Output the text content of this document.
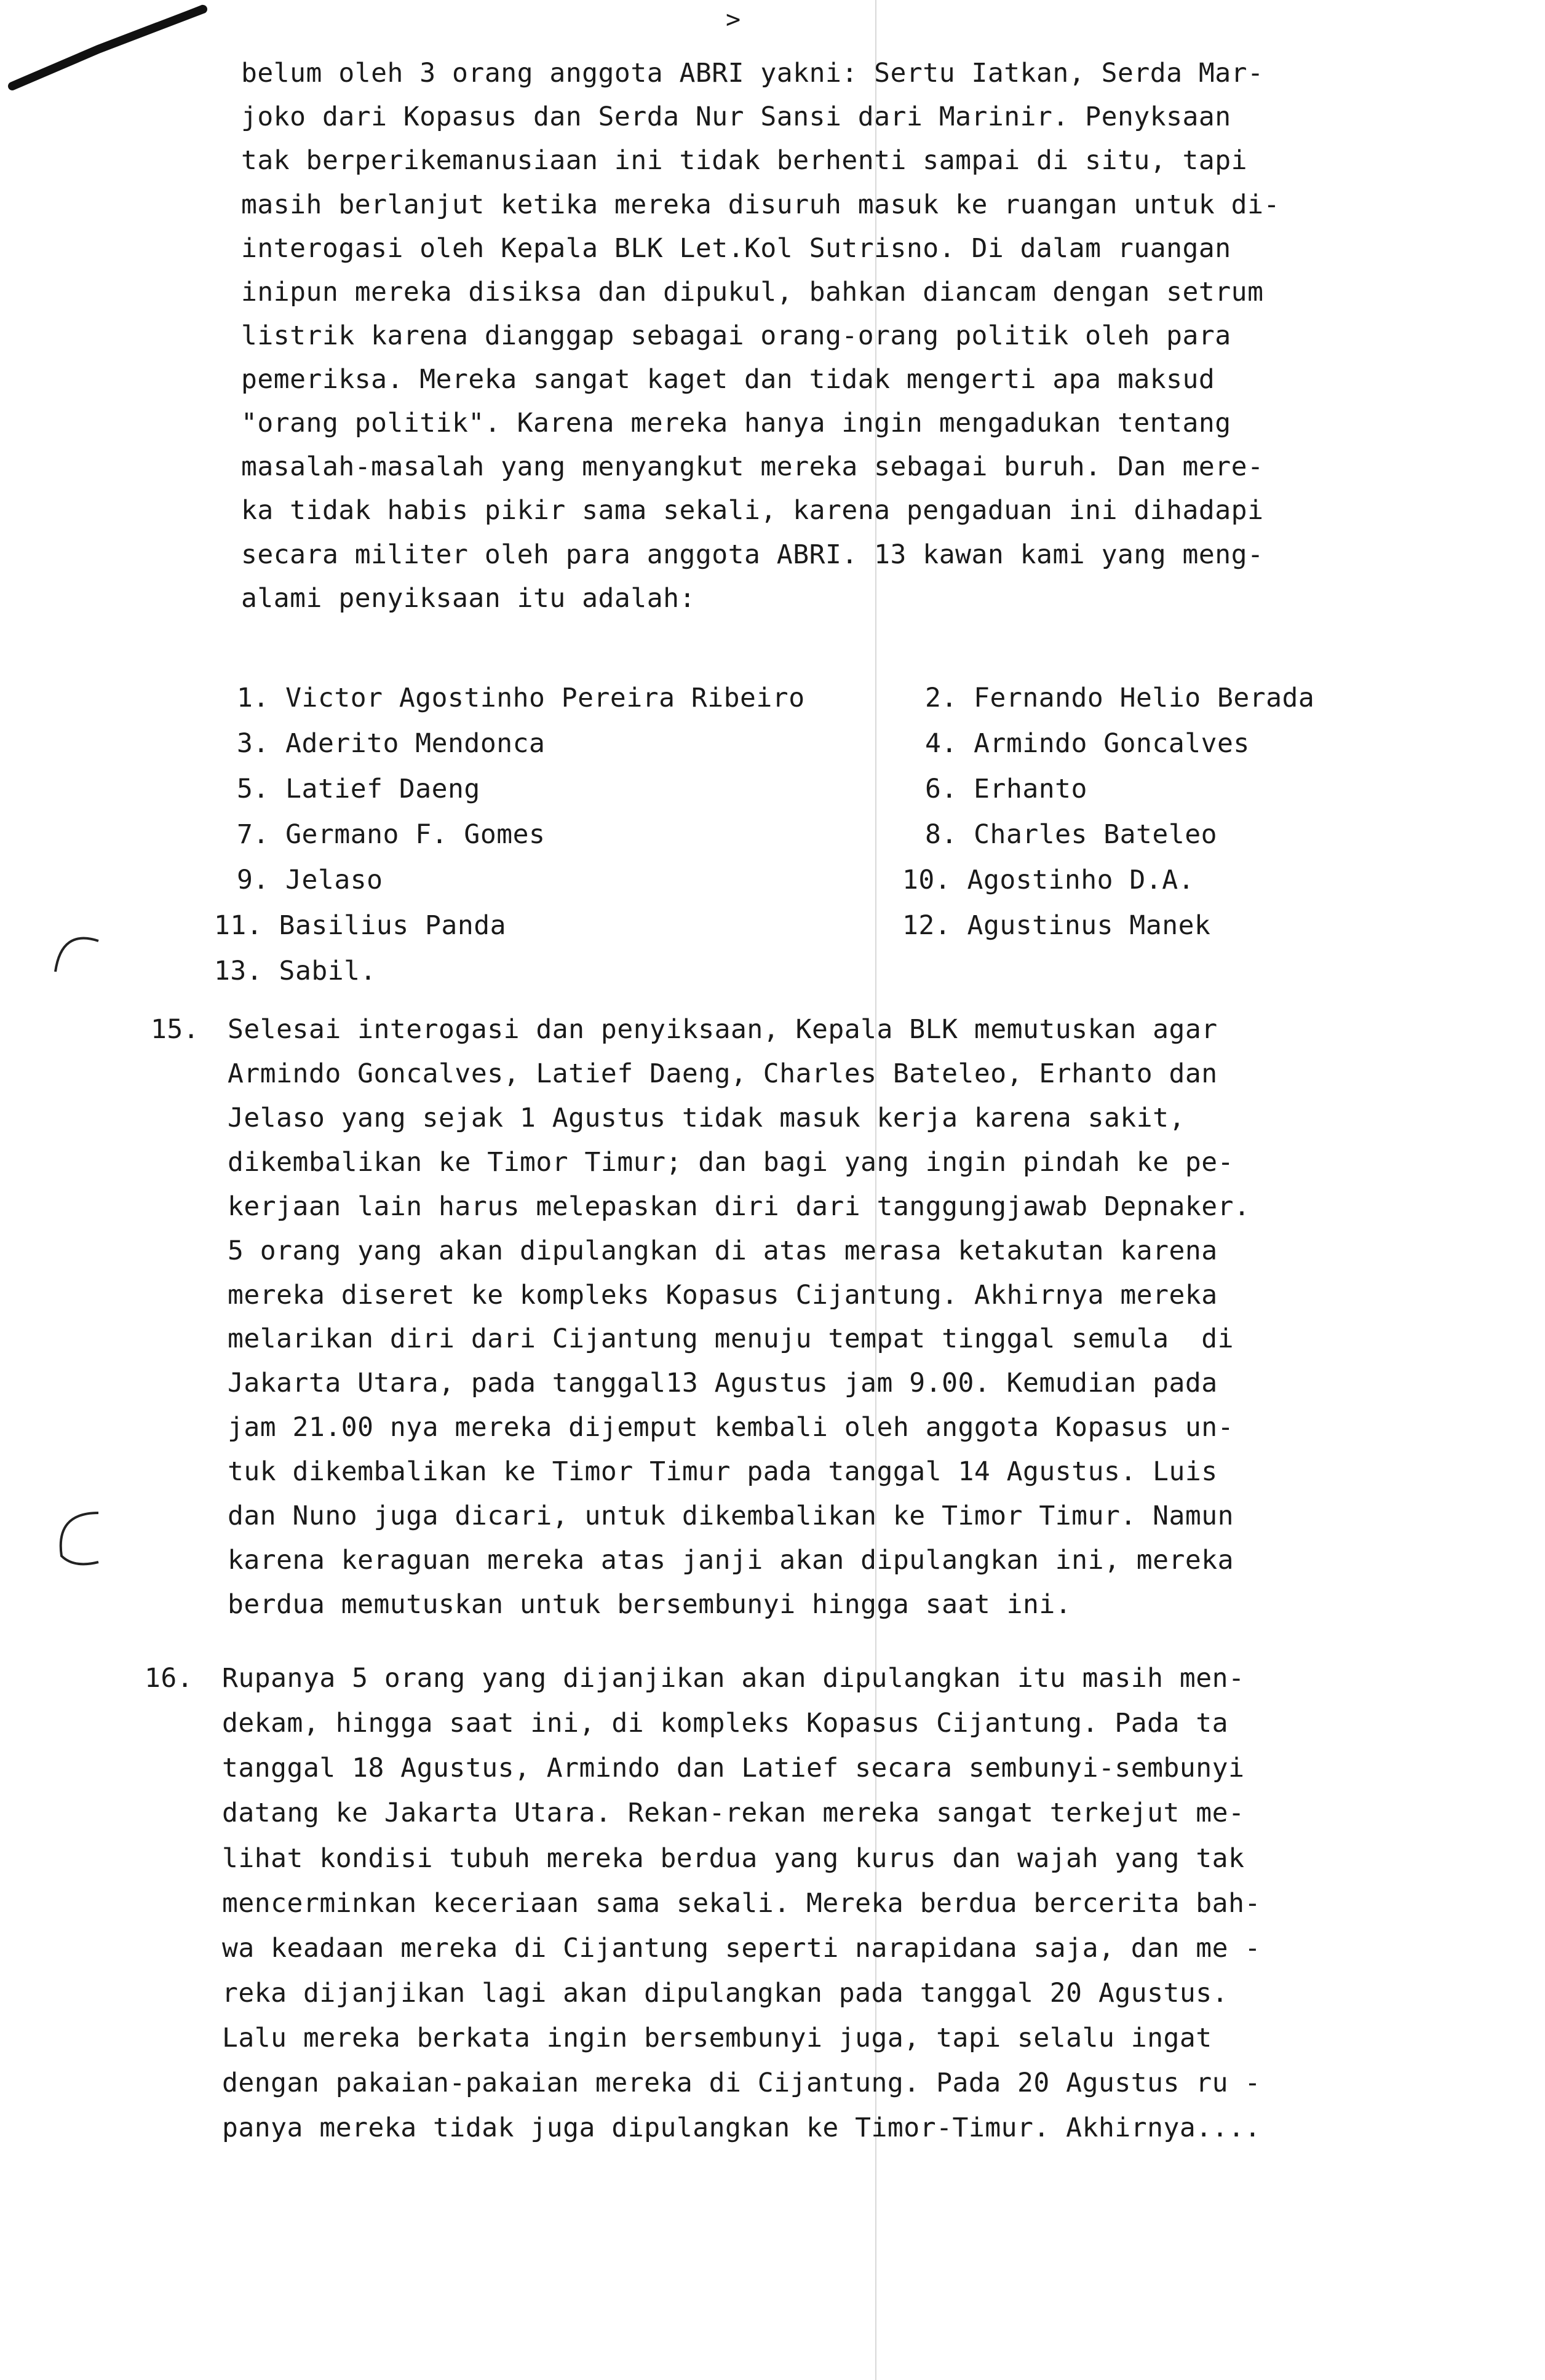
>
belum oleh 3 orang anggota ABRI yakni: Sertu Iatkan, Serda Mar-
joko dari Kopasus dan Serda Nur Sansi dari Marinir. Penyksaan
tak berperikemanusiaan ini tidak berhenti sampai di situ, tapi
masih berlanjut ketika mereka disuruh masuk ke ruangan untuk di-
interogasi oleh Kepala BLK Let.Kol Sutrisno. Di dalam ruangan
inipun mereka disiksa dan dipukul, bahkan diancam dengan setrum
listrik karena dianggap sebagai orang-orang politik oleh para
pemeriksa. Mereka sangat kaget dan tidak mengerti apa maksud
"orang politik". Karena mereka hanya ingin mengadukan tentang
masalah-masalah yang menyangkut mereka sebagai buruh. Dan mere-
ka tidak habis pikir sama sekali, karena pengaduan ini dihadapi
secara militer oleh para anggota ABRI. 13 kawan kami yang meng-
alami penyiksaan itu adalah:
1. Victor Agostinho Pereira Ribeiro
3. Aderito Mendonca
5. Latief Daeng
7. Germano F. Gomes
9. Jelaso
11. Basilius Panda
13. Sabil.
2. Fernando Helio Berada
4. Armindo Goncalves
6. Erhanto
8. Charles Bateleo
10. Agostinho D.A.
12. Agustinus Manek
15. Selesai interogasi dan penyiksaan, Kepala BLK memutuskan agar
Armindo Goncalves, Latief Daeng, Charles Bateleo, Erhanto dan
Jelaso yang sejak 1 Agustus tidak masuk kerja karena sakit,
dikembalikan ke Timor Timur; dan bagi yang ingin pindah ke pe-
kerjaan lain harus melepaskan diri dari tanggungjawab Depnaker.
5 orang yang akan dipulangkan di atas merasa ketakutan karena
mereka diseret ke kompleks Kopasus Cijantung. Akhirnya mereka
melarikan diri dari Cijantung menuju tempat tinggal semula  di
Jakarta Utara, pada tanggal13 Agustus jam 9.00. Kemudian pada
jam 21.00 nya mereka dijemput kembali oleh anggota Kopasus un-
tuk dikembalikan ke Timor Timur pada tanggal 14 Agustus. Luis
dan Nuno juga dicari, untuk dikembalikan ke Timor Timur. Namun
karena keraguan mereka atas janji akan dipulangkan ini, mereka
berdua memutuskan untuk bersembunyi hingga saat ini.
16. Rupanya 5 orang yang dijanjikan akan dipulangkan itu masih men-
dekam, hingga saat ini, di kompleks Kopasus Cijantung. Pada ta
tanggal 18 Agustus, Armindo dan Latief secara sembunyi-sembunyi
datang ke Jakarta Utara. Rekan-rekan mereka sangat terkejut me-
lihat kondisi tubuh mereka berdua yang kurus dan wajah yang tak
mencerminkan keceriaan sama sekali. Mereka berdua bercerita bah-
wa keadaan mereka di Cijantung seperti narapidana saja, dan me -
reka dijanjikan lagi akan dipulangkan pada tanggal 20 Agustus.
Lalu mereka berkata ingin bersembunyi juga, tapi selalu ingat
dengan pakaian-pakaian mereka di Cijantung. Pada 20 Agustus ru -
panya mereka tidak juga dipulangkan ke Timor-Timur. Akhirnya....
